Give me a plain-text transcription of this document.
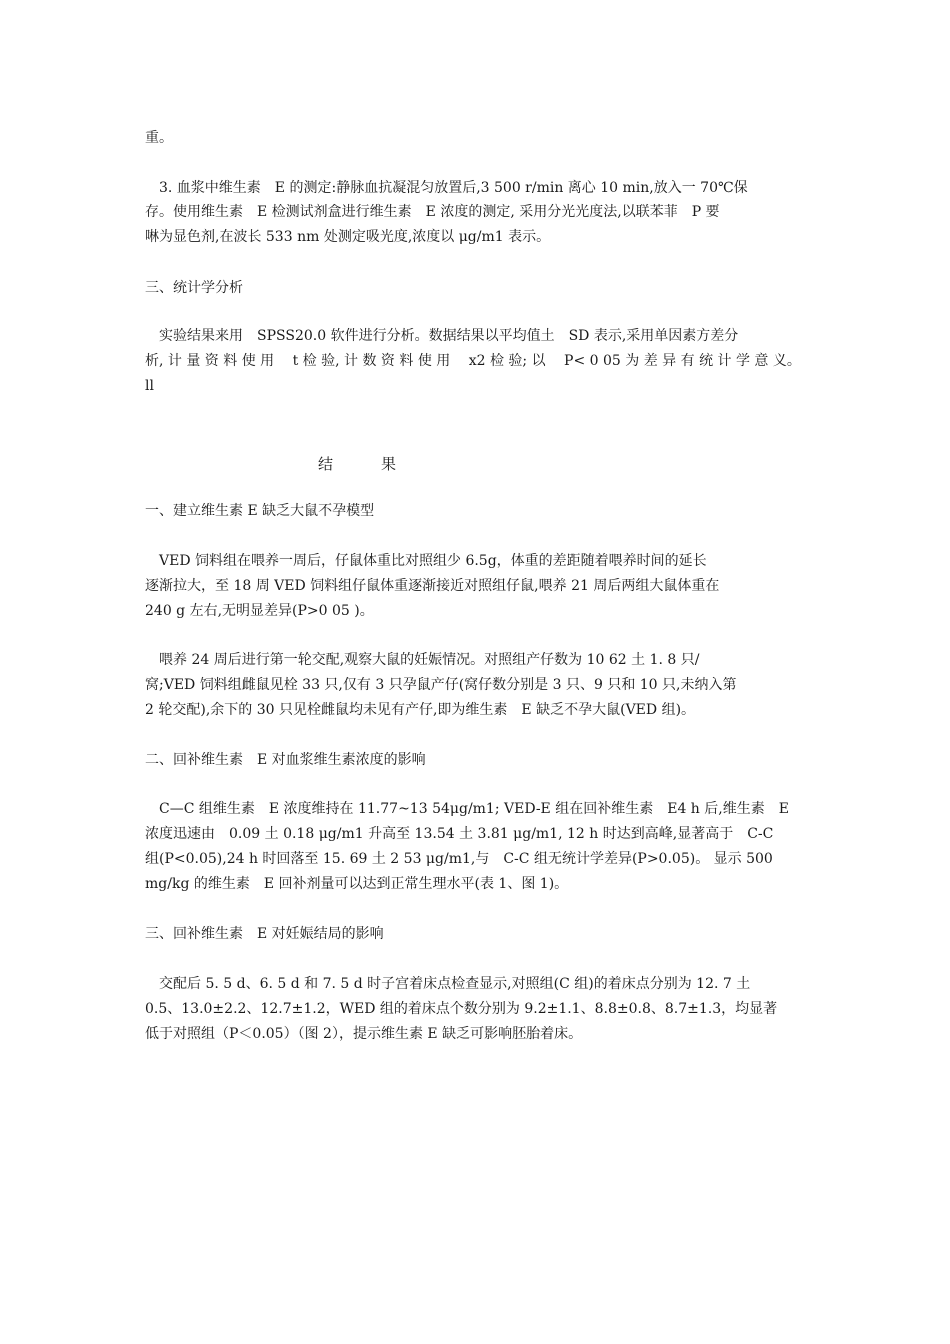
重。
　3. 血浆中维生素　E 的测定:静脉血抗凝混匀放置后,3 500 r/min 离心 10 min,放入一 70℃保
存。使用维生素　E 检测试剂盒进行维生素　E 浓度的测定, 采用分光光度法,以联苯菲　P 要
啉为显色剂,在波长 533 nm 处测定吸光度,浓度以 μg/m1 表示。
三、统计学分析
　实验结果来用　SPSS20.0 软件进行分析。数据结果以平均值土　SD 表示,采用单因素方差分
析, 计 量 资 料 使 用　 t 检 验, 计 数 资 料 使 用　 x2 检 验; 以　 P< 0 05 为 差 异 有 统 计 学 意 义。
ll
结	果
一、建立维生素 E 缺乏大鼠不孕模型
　VED 饲料组在喂养一周后，仔鼠体重比对照组少 6.5g，体重的差距随着喂养时间的延长
逐渐拉大，至 18 周 VED 饲料组仔鼠体重逐渐接近对照组仔鼠,喂养 21 周后两组大鼠体重在
240 g 左右,无明显差异(P>0 05 )。
　喂养 24 周后进行第一轮交配,观察大鼠的妊娠情况。对照组产仔数为 10 62 土 1. 8 只/
窝;VED 饲料组雌鼠见栓 33 只,仅有 3 只孕鼠产仔(窝仔数分别是 3 只、9 只和 10 只,未纳入第
2 轮交配),余下的 30 只见栓雌鼠均未见有产仔,即为维生素　E 缺乏不孕大鼠(VED 组)。
二、回补维生素　E 对血浆维生素浓度的影响
　C—C 组维生素　E 浓度维持在 11.77~13 54μg/m1; VED-E 组在回补维生素　E4 h 后,维生素　E
浓度迅速由　0.09 土 0.18 μg/m1 升高至 13.54 土 3.81 μg/m1, 12 h 时达到高峰,显著高于　C-C
组(P<0.05),24 h 时回落至 15. 69 土 2 53 μg/m1,与　C-C 组无统计学差异(P>0.05)。 显示 500
mg/kg 的维生素　E 回补剂量可以达到正常生理水平(表 1、图 1)。
三、回补维生素　E 对妊娠结局的影响
　交配后 5. 5 d、6. 5 d 和 7. 5 d 时子宫着床点检查显示,对照组(C 组)的着床点分别为 12. 7 土
0.5、13.0±2.2、12.7±1.2，WED 组的着床点个数分别为 9.2±1.1、8.8±0.8、8.7±1.3，均显著
低于对照组（P＜0.05）（图 2），提示维生素 E 缺乏可影响胚胎着床。
